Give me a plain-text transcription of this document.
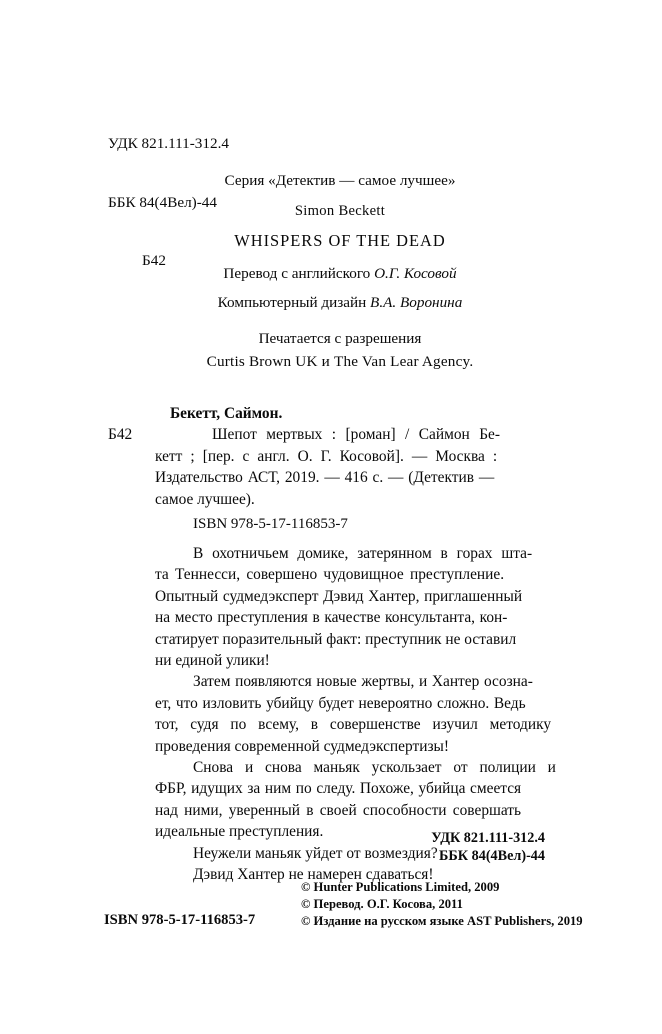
УДК 821.111-312.4

ББК 84(4Вел)-44

Б42

Серия «Детектив — самое лучшее»
Simon Beckett
WHISPERS OF THE DEAD
Перевод с английского О.Г. Косовой
Компьютерный дизайн В.А. Воронина
Печатается с разрешения
Curtis Brown UK и The Van Lear Agency.
Бекетт, Саймон.
Б42	Шепот мертвых : [роман] / Саймон Бе-
кетт ; [пер. с англ. О. Г. Косовой]. — Москва :
Издательство АСТ, 2019. — 416 с. — (Детектив —
самое лучшее).
ISBN 978-5-17-116853-7

В охотничьем домике, затерянном в горах шта-
та Теннесси, совершено чудовищное преступление.
Опытный судмедэксперт Дэвид Хантер, приглашенный
на место преступления в качестве консультанта, кон-
статирует поразительный факт: преступник не оставил
ни единой улики!

Затем появляются новые жертвы, и Хантер осозна-
ет, что изловить убийцу будет невероятно сложно. Ведь
тот, судя по всему, в совершенстве изучил методику
проведения современной судмедэкспертизы!

Снова и снова маньяк ускользает от полиции и
ФБР, идущих за ним по следу. Похоже, убийца смеется
над ними, уверенный в своей способности совершать
идеальные преступления.

Неужели маньяк уйдет от возмездия?

Дэвид Хантер не намерен сдаваться!

УДК 821.111-312.4
ББК 84(4Вел)-44
ISBN 978-5-17-116853-7
© Hunter Publications Limited, 2009
© Перевод. О.Г. Косова, 2011
© Издание на русском языке AST Publishers, 2019
